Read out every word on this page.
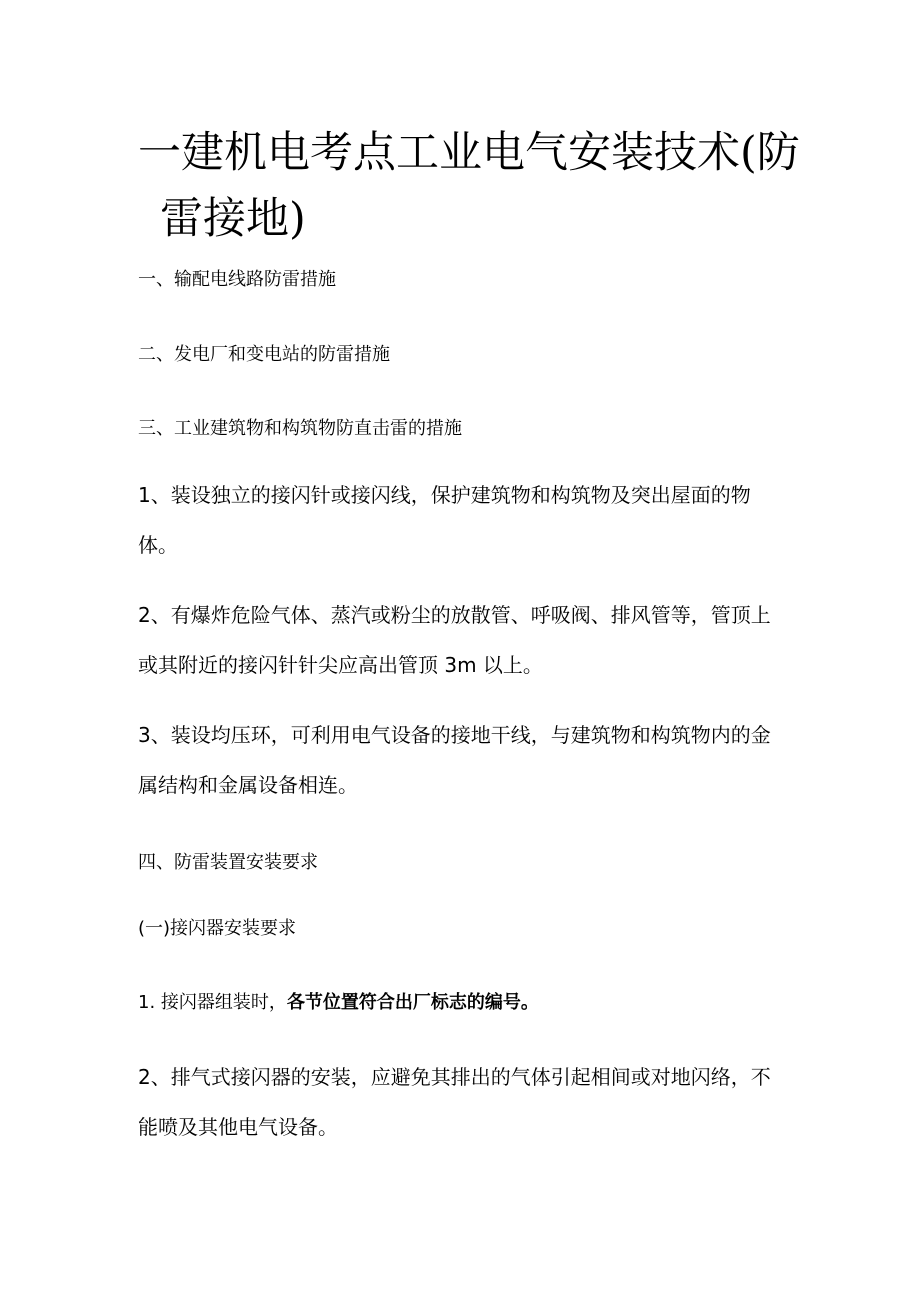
一建机电考点工业电气安装技术(防
雷接地)

一、输配电线路防雷措施

二、发电厂和变电站的防雷措施

三、工业建筑物和构筑物防直击雷的措施

1、装设独立的接闪针或接闪线，保护建筑物和构筑物及突出屋面的物
体。
2、有爆炸危险气体、蒸汽或粉尘的放散管、呼吸阀、排风管等，管顶上
或其附近的接闪针针尖应高出管顶 3m 以上。
3、装设均压环，可利用电气设备的接地干线，与建筑物和构筑物内的金
属结构和金属设备相连。

四、防雷装置安装要求

(一)接闪器安装要求

1. 接闪器组装时，各节位置符合出厂标志的编号。

2、排气式接闪器的安装，应避免其排出的气体引起相间或对地闪络，不
能喷及其他电气设备。
